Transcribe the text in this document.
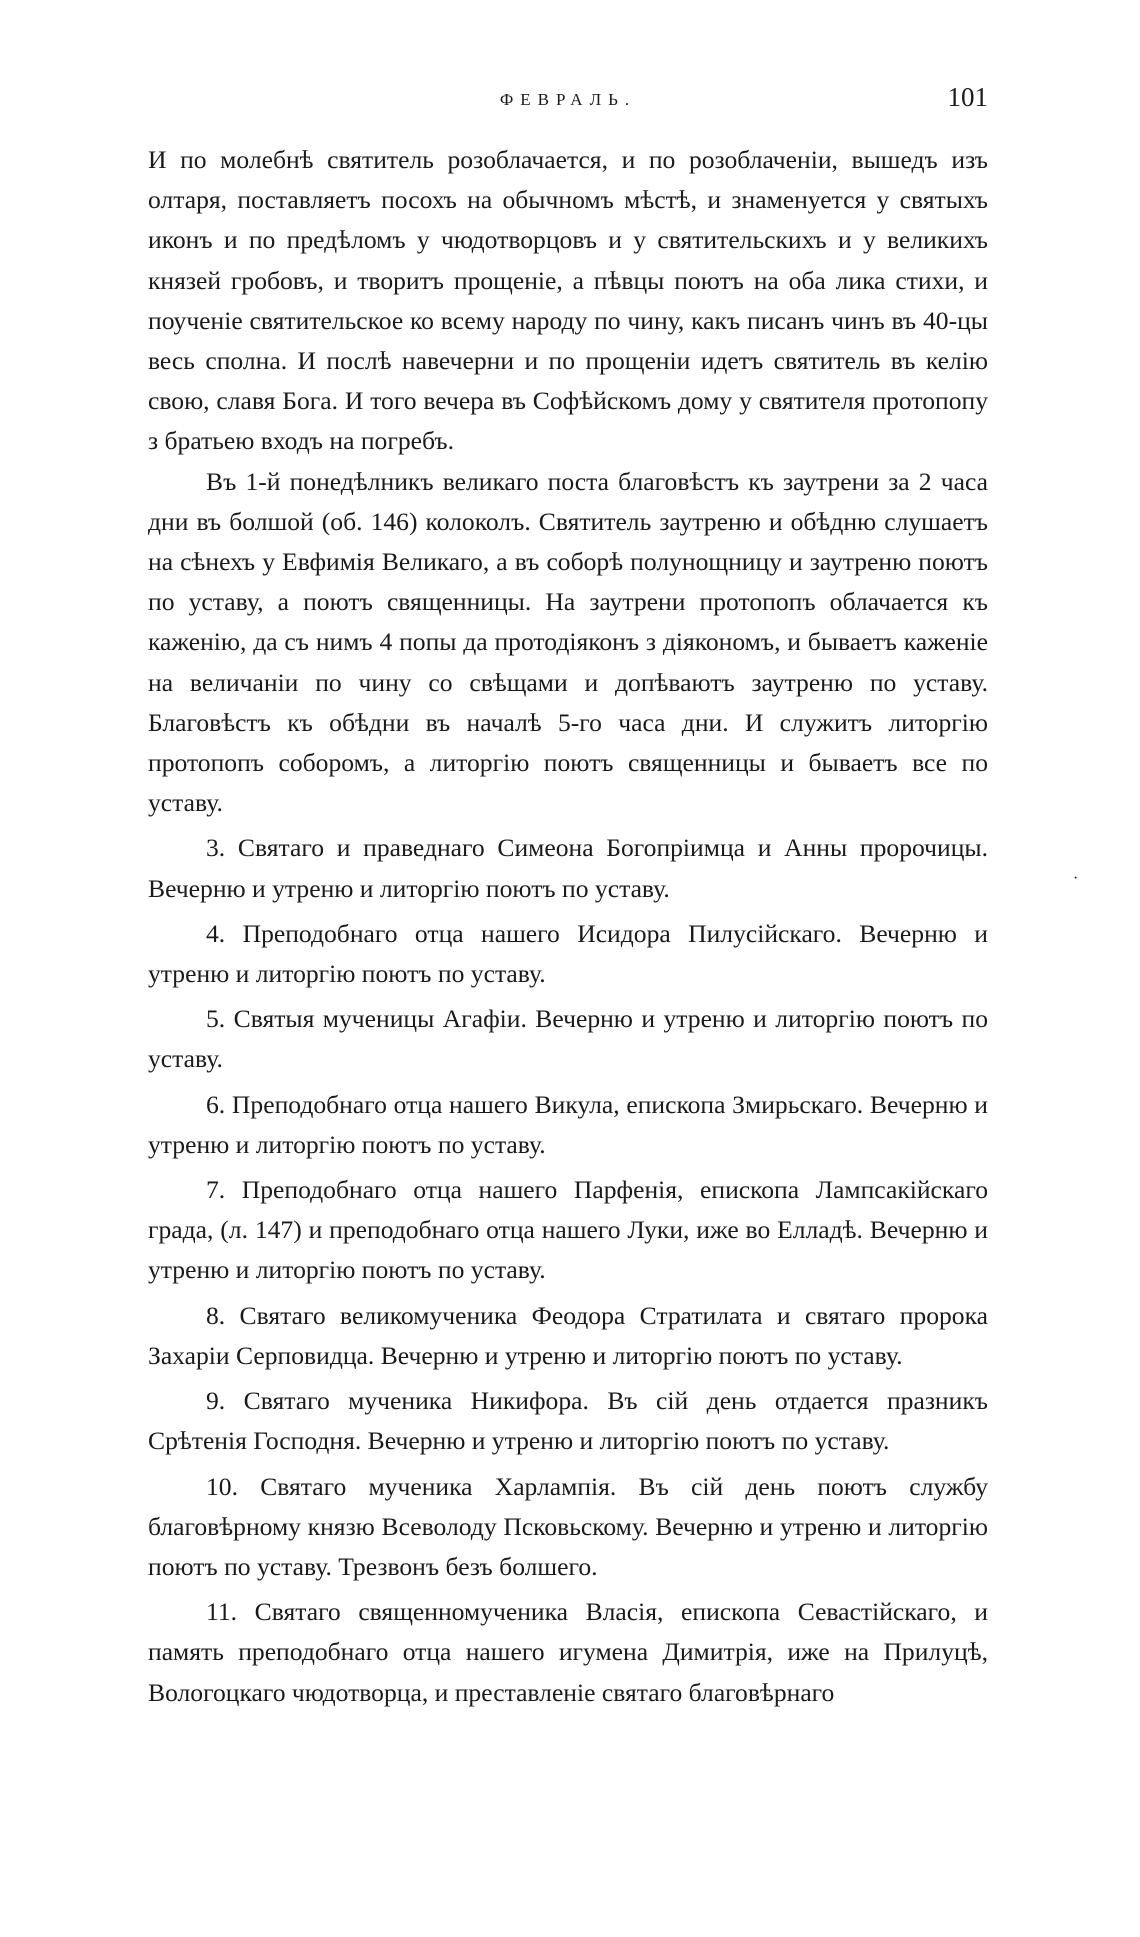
ФЕВРАЛЬ.	101

И по молебнѣ святитель розоблачается, и по розоблаченіи, вышедъ изъ олтаря, поставляетъ посохъ на обычномъ мѣстѣ, и знаменуется у святыхъ иконъ и по предѣломъ у чюдотворцовъ и у святительскихъ и у великихъ князей гробовъ, и творитъ прощеніе, а пѣвцы поютъ на оба лика стихи, и поученіе святительское ко всему народу по чину, какъ писанъ чинъ въ 40-цы весь сполна. И послѣ навечерни и по прощеніи идетъ святитель въ келію свою, славя Бога. И того вечера въ Софѣйскомъ дому у святителя протопопу з братьею входъ на погребъ.

Въ 1-й понедѣлникъ великаго поста благовѣстъ къ заутрени за 2 часа дни въ болшой (об. 146) колоколъ. Святитель заутреню и обѣдню слушаетъ на сѣнехъ у Евфимія Великаго, а въ соборѣ полунощницу и заутреню поютъ по уставу, а поютъ священницы. На заутрени протопопъ облачается къ каженію, да съ нимъ 4 попы да протодіяконъ з діякономъ, и бываетъ каженіе на величаніи по чину со свѣщами и допѣваютъ заутреню по уставу. Благовѣстъ къ обѣдни въ началѣ 5-го часа дни. И служитъ литоргію протопопъ соборомъ, а литоргію поютъ священницы и бываетъ все по уставу.

3. Святаго и праведнаго Симеона Богопріимца и Анны пророчицы. Вечерню и утреню и литоргію поютъ по уставу.

4. Преподобнаго отца нашего Исидора Пилусійскаго. Вечерню и утреню и литоргію поютъ по уставу.

5. Святыя мученицы Агафіи. Вечерню и утреню и литоргію поютъ по уставу.

6. Преподобнаго отца нашего Викула, епископа Змирьскаго. Вечерню и утреню и литоргію поютъ по уставу.

7. Преподобнаго отца нашего Парфенія, епископа Лампсакійскаго града, (л. 147) и преподобнаго отца нашего Луки, иже во Елладѣ. Вечерню и утреню и литоргію поютъ по уставу.

8. Святаго великомученика Феодора Стратилата и святаго пророка Захаріи Серповидца. Вечерню и утреню и литоргію поютъ по уставу.

9. Святаго мученика Никифора. Въ сій день отдается празникъ Срѣтенія Господня. Вечерню и утреню и литоргію поютъ по уставу.

10. Святаго мученика Харлампія. Въ сій день поютъ службу благовѣрному князю Всеволоду Псковьскому. Вечерню и утреню и литоргію поютъ по уставу. Трезвонъ безъ болшего.

11. Святаго священномученика Власія, епископа Севастійскаго, и память преподобнаго отца нашего игумена Димитрія, иже на Прилуцѣ, Вологоцкаго чюдотворца, и преставленіе святаго благовѣрнаго

·
